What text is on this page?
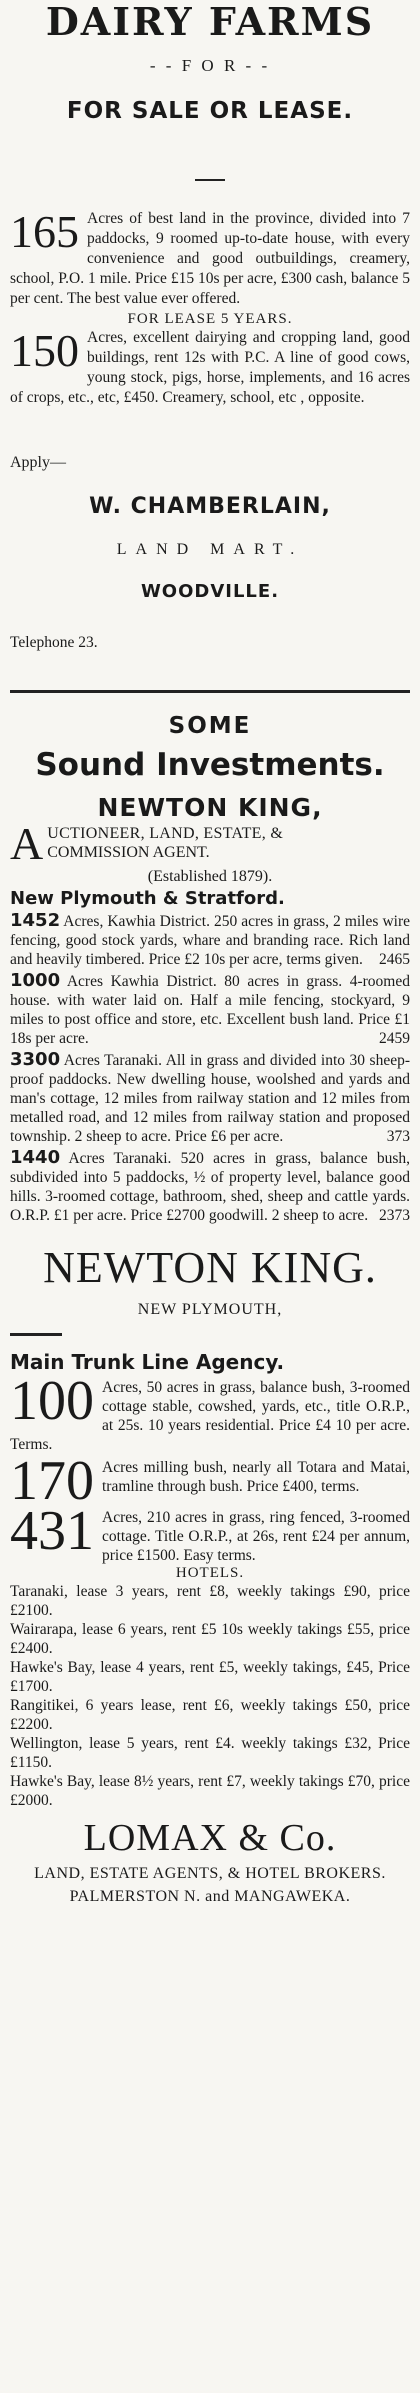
DAIRY FARMS
- - F O R - -
FOR SALE OR LEASE.
165 Acres of best land in the province, divided into 7 paddocks, 9 roomed up-to-date house, with every convenience and good outbuildings, creamery, school, P.O. 1 mile. Price £15 10s per acre, £300 cash, balance 5 per cent. The best value ever offered.

FOR LEASE 5 YEARS.
150 Acres, excellent dairying and cropping land, good buildings, rent 12s with P.C. A line of good cows, young stock, pigs, horse, implements, and 16 acres of crops, etc., etc, £450. Creamery, school, etc , opposite.

Apply—
W. CHAMBERLAIN,
LAND MART.
WOODVILLE.
Telephone 23.
SOME
Sound Investments.
NEWTON KING,
A UCTIONEER, LAND, ESTATE, &
COMMISSION AGENT.
(Established 1879).
New Plymouth & Stratford.
1452 Acres, Kawhia District. 250 acres in grass, 2 miles wire fencing, good stock yards, whare and branding race. Rich land and heavily timbered. Price £2 10s per acre, terms given. 2465
1000 Acres Kawhia District. 80 acres in grass. 4-roomed house. with water laid on. Half a mile fencing, stockyard, 9 miles to post office and store, etc. Excellent bush land. Price £1 18s per acre.	2459
3300 Acres Taranaki. All in grass and divided into 30 sheep-proof paddocks. New dwelling house, woolshed and yards and man's cottage, 12 miles from railway station and 12 miles from metalled road, and 12 miles from railway station and proposed township. 2 sheep to acre. Price £6 per acre.	373
1440 Acres Taranaki. 520 acres in grass, balance bush, subdivided into 5 paddocks, ½ of property level, balance good hills. 3-roomed cottage, bathroom, shed, sheep and cattle yards. O.R.P. £1 per acre. Price £2700 goodwill. 2 sheep to acre. 2373
NEWTON KING.
NEW PLYMOUTH,
Main Trunk Line Agency.
100 Acres, 50 acres in grass, balance bush, 3-roomed cottage stable, cowshed, yards, etc., title O.R.P., at 25s. 10 years residential. Price £4 10 per acre. Terms.
170 Acres milling bush, nearly all Totara and Matai, tramline through bush. Price £400, terms.
431 Acres, 210 acres in grass, ring fenced, 3-roomed cottage. Title O.R.P., at 26s, rent £24 per annum, price £1500. Easy terms.
HOTELS.

Taranaki, lease 3 years, rent £8, weekly takings £90, price £2100.

Wairarapa, lease 6 years, rent £5 10s weekly takings £55, price £2400.

Hawke's Bay, lease 4 years, rent £5, weekly takings, £45, Price £1700.

Rangitikei, 6 years lease, rent £6, weekly takings £50, price £2200.

Wellington, lease 5 years, rent £4. weekly takings £32, Price £1150.

Hawke's Bay, lease 8½ years, rent £7, weekly takings £70, price £2000.

LOMAX & Co.
LAND, ESTATE AGENTS, & HOTEL BROKERS.
PALMERSTON N. and MANGAWEKA.
